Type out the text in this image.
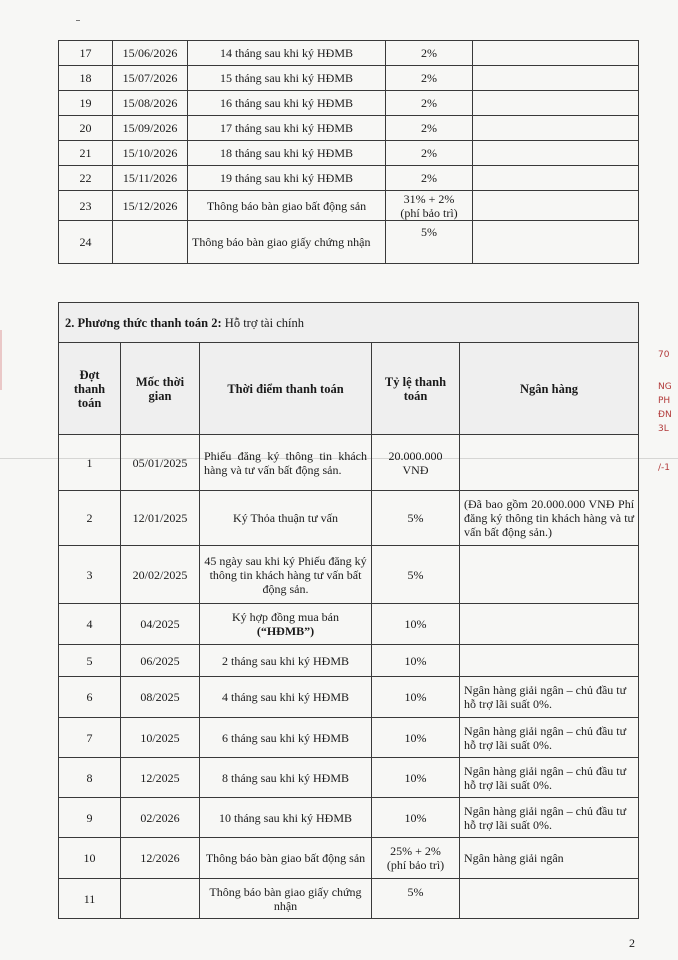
17	15/06/2026	14 tháng sau khi ký HĐMB	2%	
18	15/07/2026	15 tháng sau khi ký HĐMB	2%	
19	15/08/2026	16 tháng sau khi ký HĐMB	2%	
20	15/09/2026	17 tháng sau khi ký HĐMB	2%	
21	15/10/2026	18 tháng sau khi ký HĐMB	2%	
22	15/11/2026	19 tháng sau khi ký HĐMB	2%	
23	15/12/2026	Thông báo bàn giao bất động sản	31% + 2%
(phí bảo trì)	

24		Thông báo bàn giao giấy chứng nhận	5%	
2. Phương thức thanh toán 2: Hỗ trợ tài chính				
Đợt thanh toán	Mốc thời gian	Thời điểm thanh toán	Tỷ lệ thanh toán	Ngân hàng
1	05/01/2025	Phiếu đăng ký thông tin khách hàng và tư vấn bất động sản.	20.000.000 VNĐ	
2	12/01/2025	Ký Thỏa thuận tư vấn	5%	(Đã bao gồm 20.000.000 VNĐ Phí đăng ký thông tin khách hàng và tư vấn bất động sản.)
3	20/02/2025	45 ngày sau khi ký Phiếu đăng ký thông tin khách hàng tư vấn bất động sản.	5%	
4	04/2025	Ký hợp đồng mua bán
(“HĐMB”)	10%	
5	06/2025	2 tháng sau khi ký HĐMB	10%	
6	08/2025	4 tháng sau khi ký HĐMB	10%	Ngân hàng giải ngân – chủ đầu tư hỗ trợ lãi suất 0%.
7	10/2025	6 tháng sau khi ký HĐMB	10%	Ngân hàng giải ngân – chủ đầu tư hỗ trợ lãi suất 0%.
8	12/2025	8 tháng sau khi ký HĐMB	10%	Ngân hàng giải ngân – chủ đầu tư hỗ trợ lãi suất 0%.
9	02/2026	10 tháng sau khi ký HĐMB	10%	Ngân hàng giải ngân – chủ đầu tư hỗ trợ lãi suất 0%.
10	12/2026	Thông báo bàn giao bất động sản	25% + 2%
(phí bảo trì)	Ngân hàng giải ngân
11		Thông báo bàn giao giấy chứng nhận	5%	
70
NG
PH
ĐN
3L
/-1
2
